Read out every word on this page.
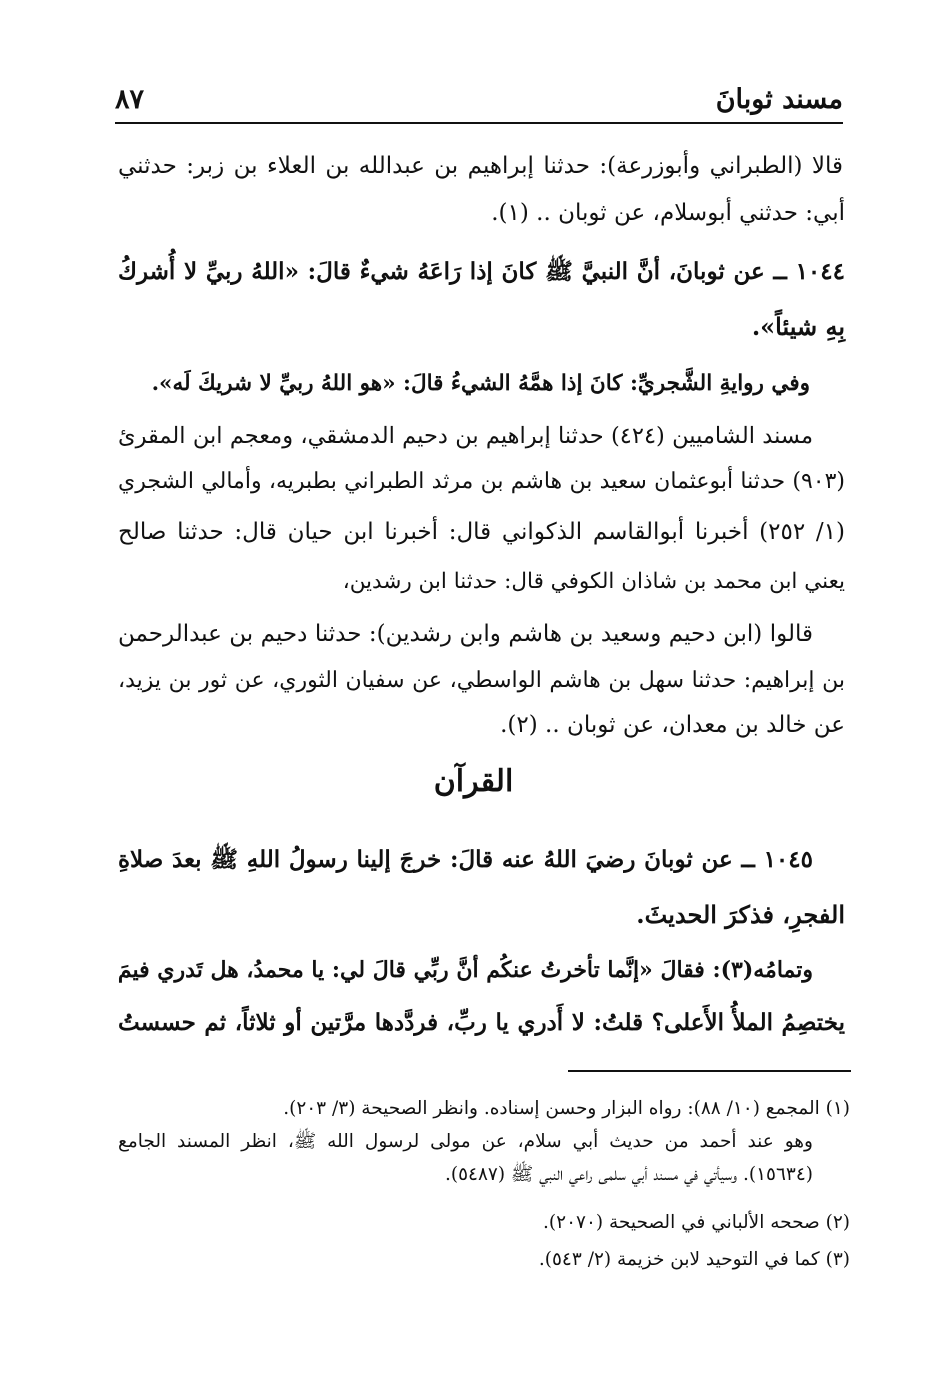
٨٧	مسند ثوبانَ
قالا (الطبراني وأبوزرعة): حدثنا إبراهيم بن عبدالله بن العلاء بن زبر: حدثني
أبي: حدثني أبوسلام، عن ثوبان .. (١).
١٠٤٤ ــ عن ثوبانَ، أنَّ النبيَّ ﷺ كانَ إذا رَاعَهُ شيءٌ قالَ: «اللهُ ربيِّ لا أُشركُ
بِهِ شيئاً».
وفي روايةِ الشَّجريِّ: كانَ إذا همَّهُ الشيءُ قالَ: «هو اللهُ ربيِّ لا شريكَ لَه».
مسند الشاميين (٤٢٤) حدثنا إبراهيم بن دحيم الدمشقي، ومعجم ابن المقرئ
(٩٠٣) حدثنا أبوعثمان سعيد بن هاشم بن مرثد الطبراني بطبريه، وأمالي الشجري
(١/ ٢٥٢) أخبرنا أبوالقاسم الذكواني قال: أخبرنا ابن حيان قال: حدثنا صالح
يعني ابن محمد بن شاذان الكوفي قال: حدثنا ابن رشدين،
قالوا (ابن دحيم وسعيد بن هاشم وابن رشدين): حدثنا دحيم بن عبدالرحمن
بن إبراهيم: حدثنا سهل بن هاشم الواسطي، عن سفيان الثوري، عن ثور بن يزيد،
عن خالد بن معدان، عن ثوبان .. (٢).
القرآن
١٠٤٥ ــ عن ثوبانَ رضيَ اللهُ عنه قالَ: خرجَ إلينا رسولُ اللهِ ﷺ بعدَ صلاةِ
الفجرِ، فذكرَ الحديثَ.
وتمامُه(٣): فقالَ «إنَّما تأخرتُ عنكُم أنَّ ربِّي قالَ لي: يا محمدُ، هل تَدري فيمَ
يختصِمُ الملأُ الأَعلى؟ قلتُ: لا أَدري يا ربِّ، فردَّدها مرَّتين أو ثلاثاً، ثم حسستُ
(١) المجمع (١٠/ ٨٨): رواه البزار وحسن إسناده. وانظر الصحيحة (٣/ ٢٠٣).
وهو عند أحمد من حديث أبي سلام، عن مولى لرسول الله ﷺ، انظر المسند الجامع
(١٥٦٣٤). وسيأتي في مسند أبي سلمى راعي النبي ﷺ (٥٤٨٧).
(٢) صححه الألباني في الصحيحة (٢٠٧٠).
(٣) كما في التوحيد لابن خزيمة (٢/ ٥٤٣).
